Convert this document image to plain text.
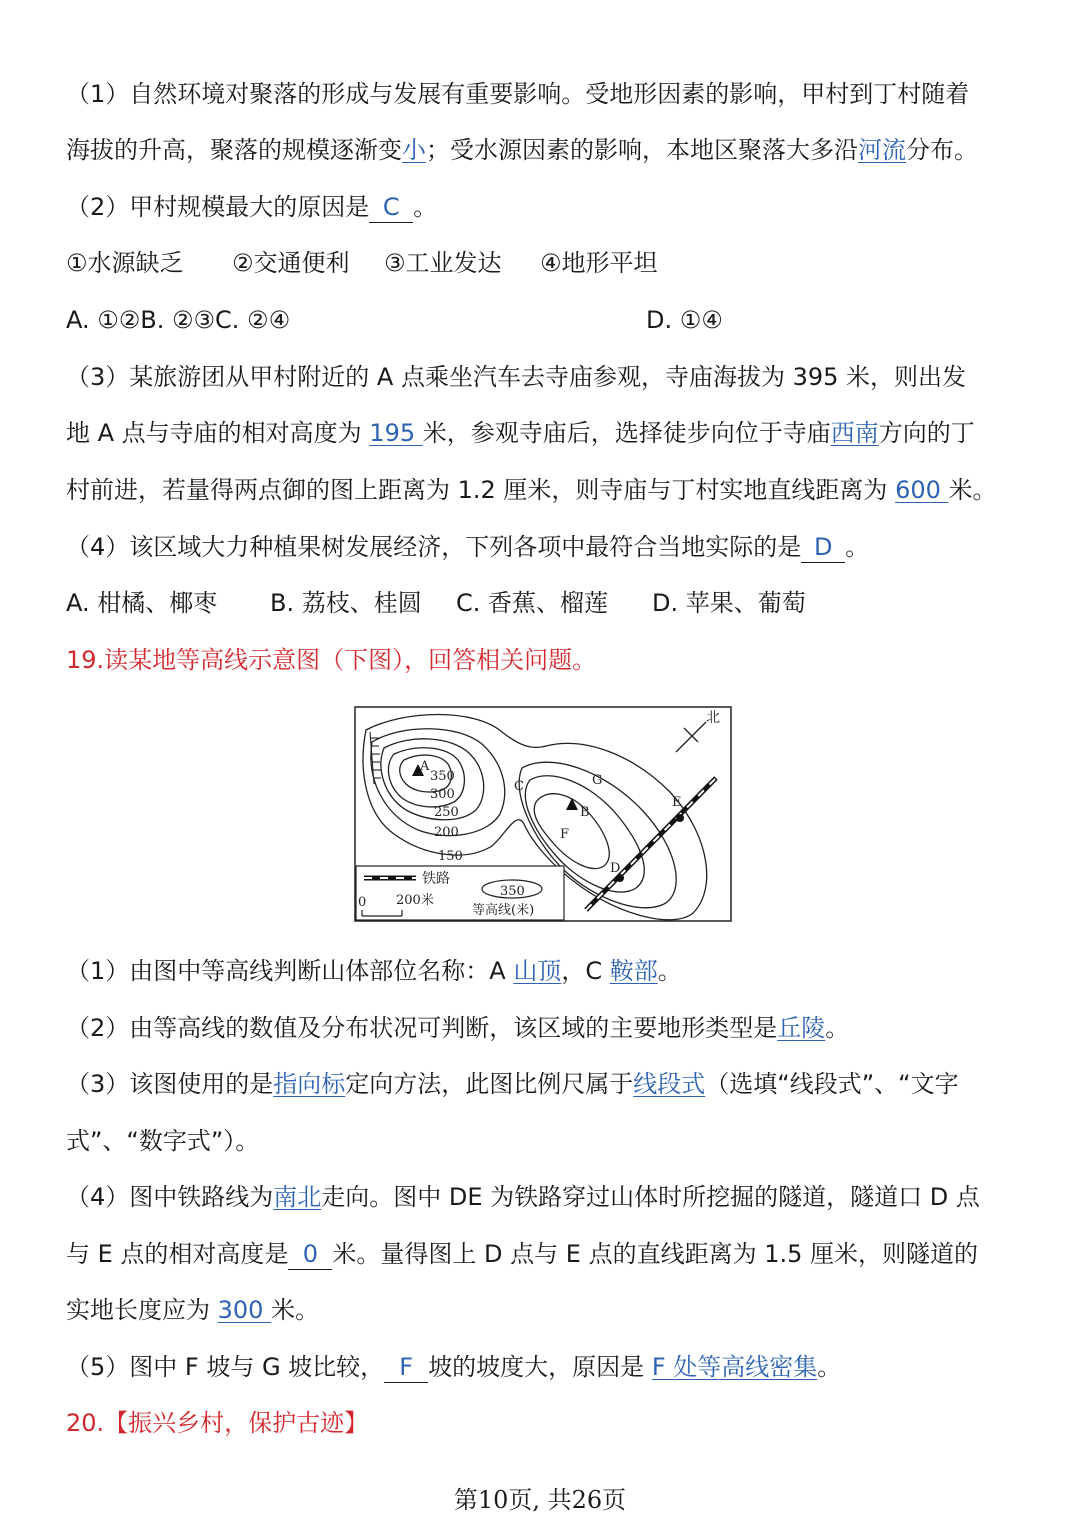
（1）自然环境对聚落的形成与发展有重要影响。受地形因素的影响，甲村到丁村随着
海拔的升高，聚落的规模逐渐变小；受水源因素的影响，本地区聚落大多沿河流分布。
（2）甲村规模最大的原因是 C 。
①水源缺乏 ②交通便利 ③工业发达 ④地形平坦
A. ①②B. ②③C. ②④	D. ①④
（3）某旅游团从甲村附近的 A 点乘坐汽车去寺庙参观，寺庙海拔为 395 米，则出发
地 A 点与寺庙的相对高度为 195 米，参观寺庙后，选择徒步向位于寺庙西南方向的丁
村前进，若量得两点御的图上距离为 1.2 厘米，则寺庙与丁村实地直线距离为 600 米。
（4）该区域大力种植果树发展经济，下列各项中最符合当地实际的是 D 。
A. 柑橘、椰枣 B. 荔枝、桂圆 C. 香蕉、榴莲 D. 苹果、葡萄
19.读某地等高线示意图（下图），回答相关问题。
北
A
B
C
D
E
F
G
350
300
250
200
150
铁路
350
等高线(米)
0 200米
（1）由图中等高线判断山体部位名称：A 山顶，C 鞍部。
（2）由等高线的数值及分布状况可判断，该区域的主要地形类型是丘陵。
（3）该图使用的是指向标定向方法，此图比例尺属于线段式（选填“线段式”、“文字
式”、“数字式”）。
（4）图中铁路线为南北走向。图中 DE 为铁路穿过山体时所挖掘的隧道，隧道口 D 点
与 E 点的相对高度是 0 米。量得图上 D 点与 E 点的直线距离为 1.5 厘米，则隧道的
实地长度应为 300 米。
（5）图中 F 坡与 G 坡比较， F 坡的坡度大，原因是 F 处等高线密集。
20.【振兴乡村，保护古迹】
第10页, 共26页
